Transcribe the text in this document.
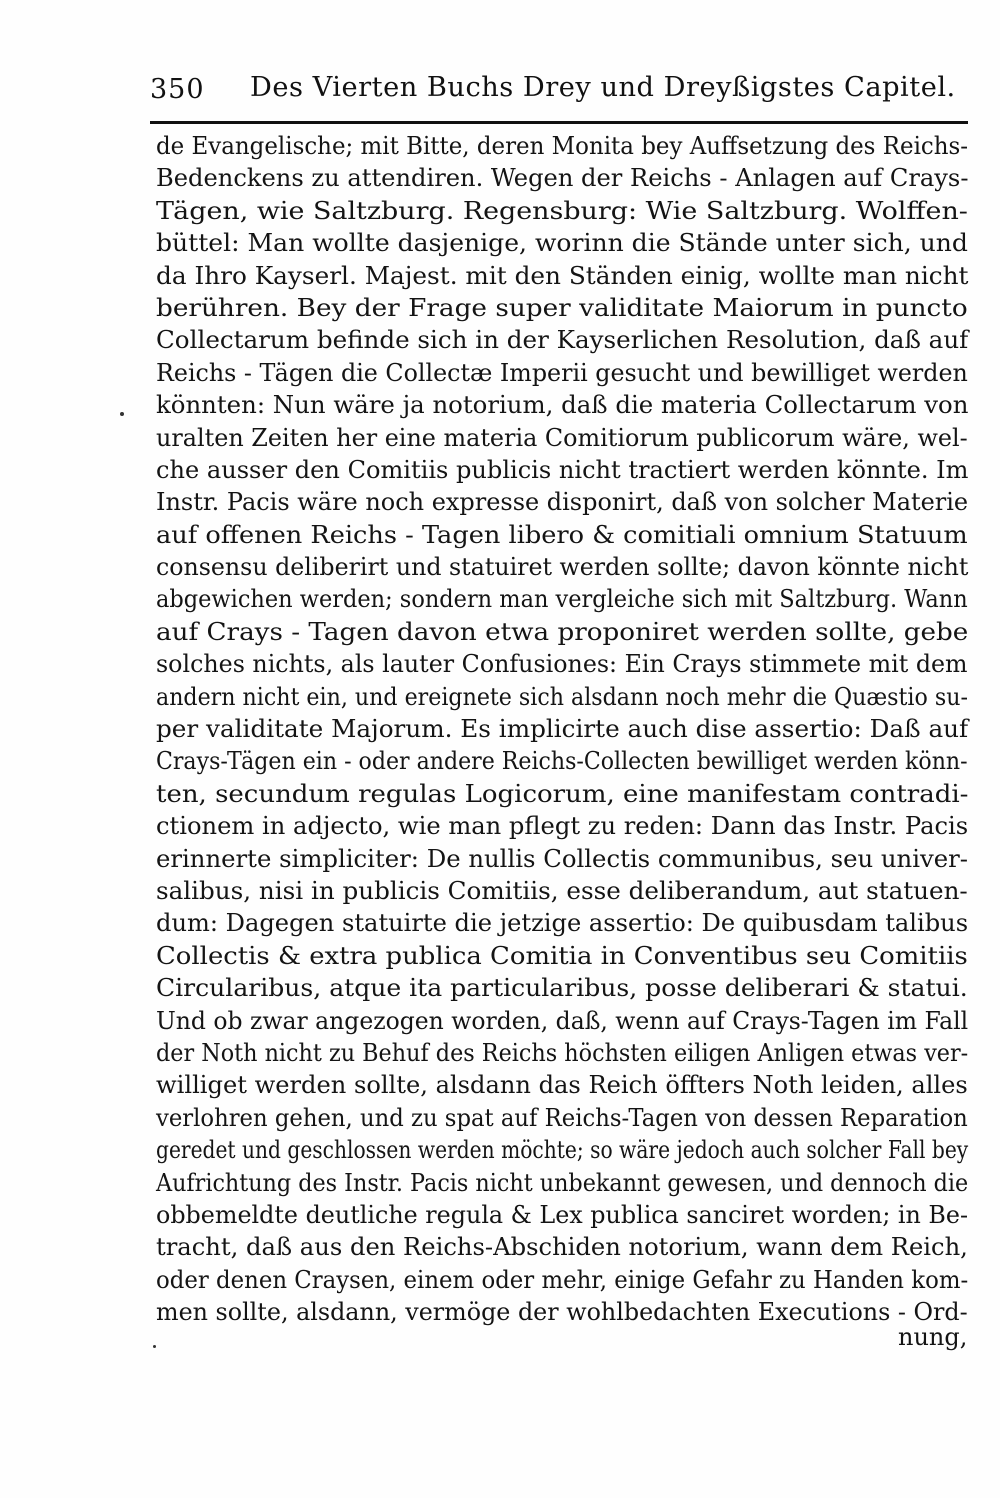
350 Des Vierten Buchs Drey und Dreyßigstes Capitel.
de Evangelische; mit Bitte, deren Monita bey Auffsetzung des Reichs-
Bedenckens zu attendiren. Wegen der Reichs - Anlagen auf Crays-
Tägen, wie Saltzburg. Regensburg: Wie Saltzburg. Wolffen-
büttel: Man wollte dasjenige, worinn die Stände unter sich, und
da Ihro Kayserl. Majest. mit den Ständen einig, wollte man nicht
berühren. Bey der Frage super validitate Maiorum in puncto
Collectarum befinde sich in der Kayserlichen Resolution, daß auf
Reichs - Tägen die Collectæ Imperii gesucht und bewilliget werden
könnten: Nun wäre ja notorium, daß die materia Collectarum von
uralten Zeiten her eine materia Comitiorum publicorum wäre, wel-
che ausser den Comitiis publicis nicht tractiert werden könnte. Im
Instr. Pacis wäre noch expresse disponirt, daß von solcher Materie
auf offenen Reichs - Tagen libero & comitiali omnium Statuum
consensu deliberirt und statuiret werden sollte; davon könnte nicht
abgewichen werden; sondern man vergleiche sich mit Saltzburg. Wann
auf Crays - Tagen davon etwa proponiret werden sollte, gebe
solches nichts, als lauter Confusiones: Ein Crays stimmete mit dem
andern nicht ein, und ereignete sich alsdann noch mehr die Quæstio su-
per validitate Majorum. Es implicirte auch dise assertio: Daß auf
Crays-Tägen ein - oder andere Reichs-Collecten bewilliget werden könn-
ten, secundum regulas Logicorum, eine manifestam contradi-
ctionem in adjecto, wie man pflegt zu reden: Dann das Instr. Pacis
erinnerte simpliciter: De nullis Collectis communibus, seu univer-
salibus, nisi in publicis Comitiis, esse deliberandum, aut statuen-
dum: Dagegen statuirte die jetzige assertio: De quibusdam talibus
Collectis & extra publica Comitia in Conventibus seu Comitiis
Circularibus, atque ita particularibus, posse deliberari & statui.
Und ob zwar angezogen worden, daß, wenn auf Crays-Tagen im Fall
der Noth nicht zu Behuf des Reichs höchsten eiligen Anligen etwas ver-
williget werden sollte, alsdann das Reich öffters Noth leiden, alles
verlohren gehen, und zu spat auf Reichs-Tagen von dessen Reparation
geredet und geschlossen werden möchte; so wäre jedoch auch solcher Fall bey
Aufrichtung des Instr. Pacis nicht unbekannt gewesen, und dennoch die
obbemeldte deutliche regula & Lex publica sanciret worden; in Be-
tracht, daß aus den Reichs-Abschiden notorium, wann dem Reich,
oder denen Craysen, einem oder mehr, einige Gefahr zu Handen kom-
men sollte, alsdann, vermöge der wohlbedachten Executions - Ord-
nung,
